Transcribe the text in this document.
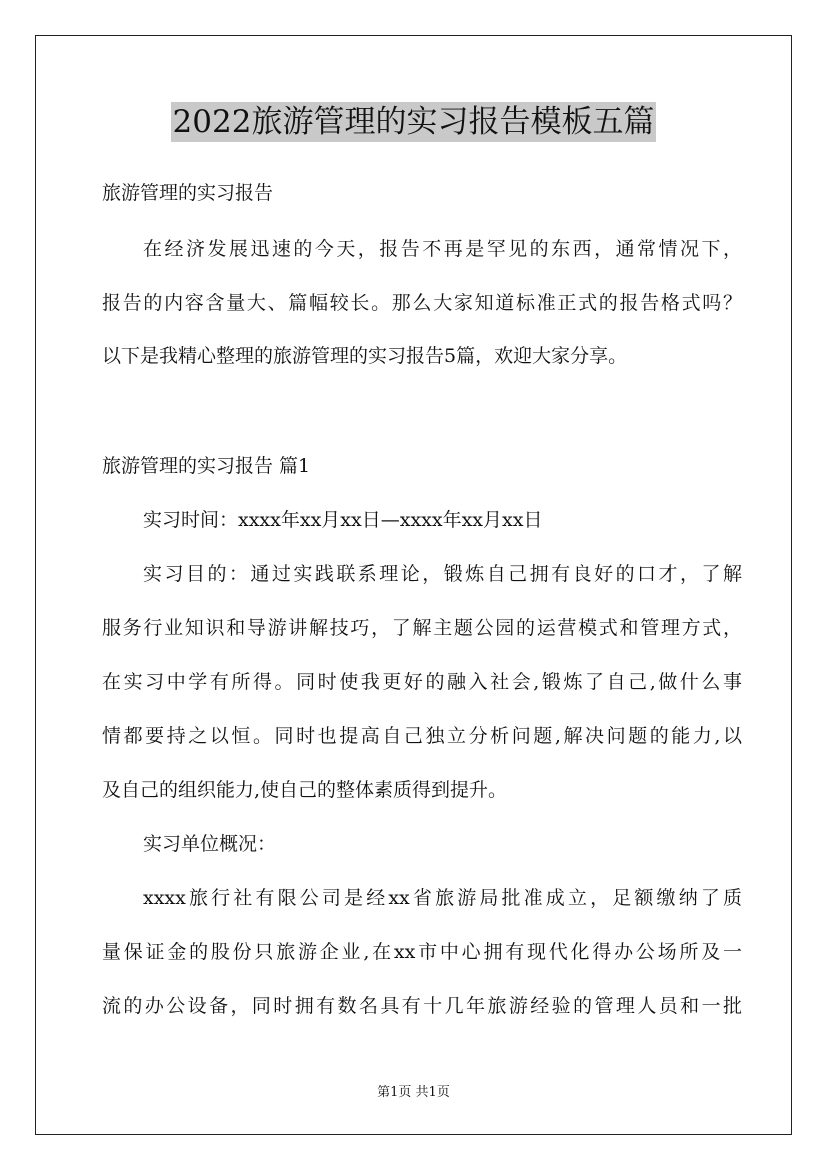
2022旅游管理的实习报告模板五篇
旅游管理的实习报告
在经济发展迅速的今天，报告不再是罕见的东西，通常情况下，
报告的内容含量大、篇幅较长。那么大家知道标准正式的报告格式吗？
以下是我精心整理的旅游管理的实习报告5篇，欢迎大家分享。
旅游管理的实习报告 篇1
实习时间：xxxx年xx月xx日—xxxx年xx月xx日
实习目的：通过实践联系理论，锻炼自己拥有良好的口才，了解
服务行业知识和导游讲解技巧，了解主题公园的运营模式和管理方式，
在实习中学有所得。同时使我更好的融入社会,锻炼了自己,做什么事
情都要持之以恒。同时也提高自己独立分析问题,解决问题的能力,以
及自己的组织能力,使自己的整体素质得到提升。
实习单位概况：
xxxx旅行社有限公司是经xx省旅游局批准成立，足额缴纳了质
量保证金的股份只旅游企业,在xx市中心拥有现代化得办公场所及一
流的办公设备，同时拥有数名具有十几年旅游经验的管理人员和一批
第1页 共1页
